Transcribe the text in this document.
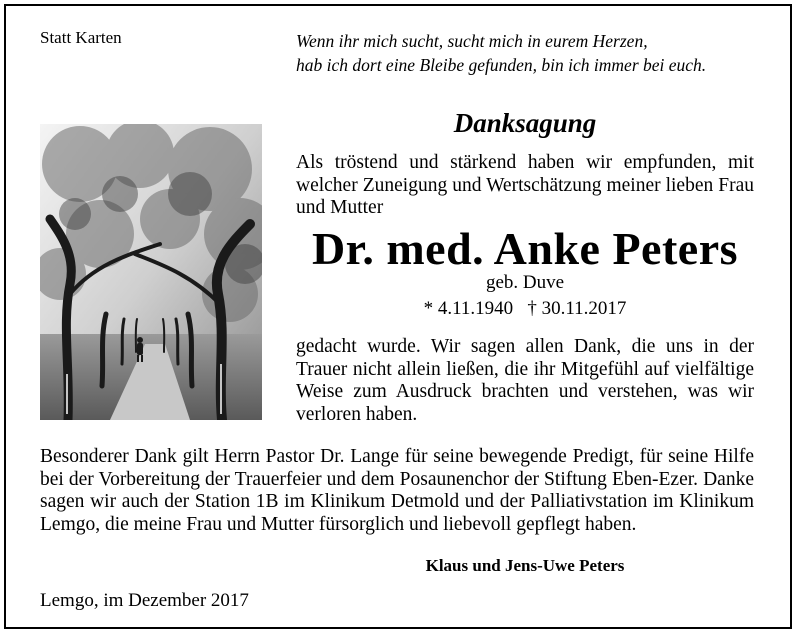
Statt Karten	Wenn ihr mich sucht, sucht mich in eurem Herzen,
hab ich dort eine Bleibe gefunden, bin ich immer bei euch.
Danksagung
Als tröstend und stärkend haben wir empfunden, mit welcher Zuneigung und Wertschätzung meiner lieben Frau und Mutter
Dr. med. Anke Peters
geb. Duve
* 4.11.1940   † 30.11.2017
gedacht wurde. Wir sagen allen Dank, die uns in der Trauer nicht allein ließen, die ihr Mitgefühl auf vielfältige Weise zum Ausdruck brachten und verstehen, was wir verloren haben.
Besonderer Dank gilt Herrn Pastor Dr. Lange für seine bewegende Predigt, für seine Hilfe bei der Vorbereitung der Trauerfeier und dem Posaunenchor der Stiftung Eben-Ezer. Danke sagen wir auch der Station 1B im Klinikum Detmold und der Palliativstation im Klinikum Lemgo, die meine Frau und Mutter fürsorglich und liebevoll gepflegt haben.
Klaus und Jens-Uwe Peters
Lemgo, im Dezember 2017
